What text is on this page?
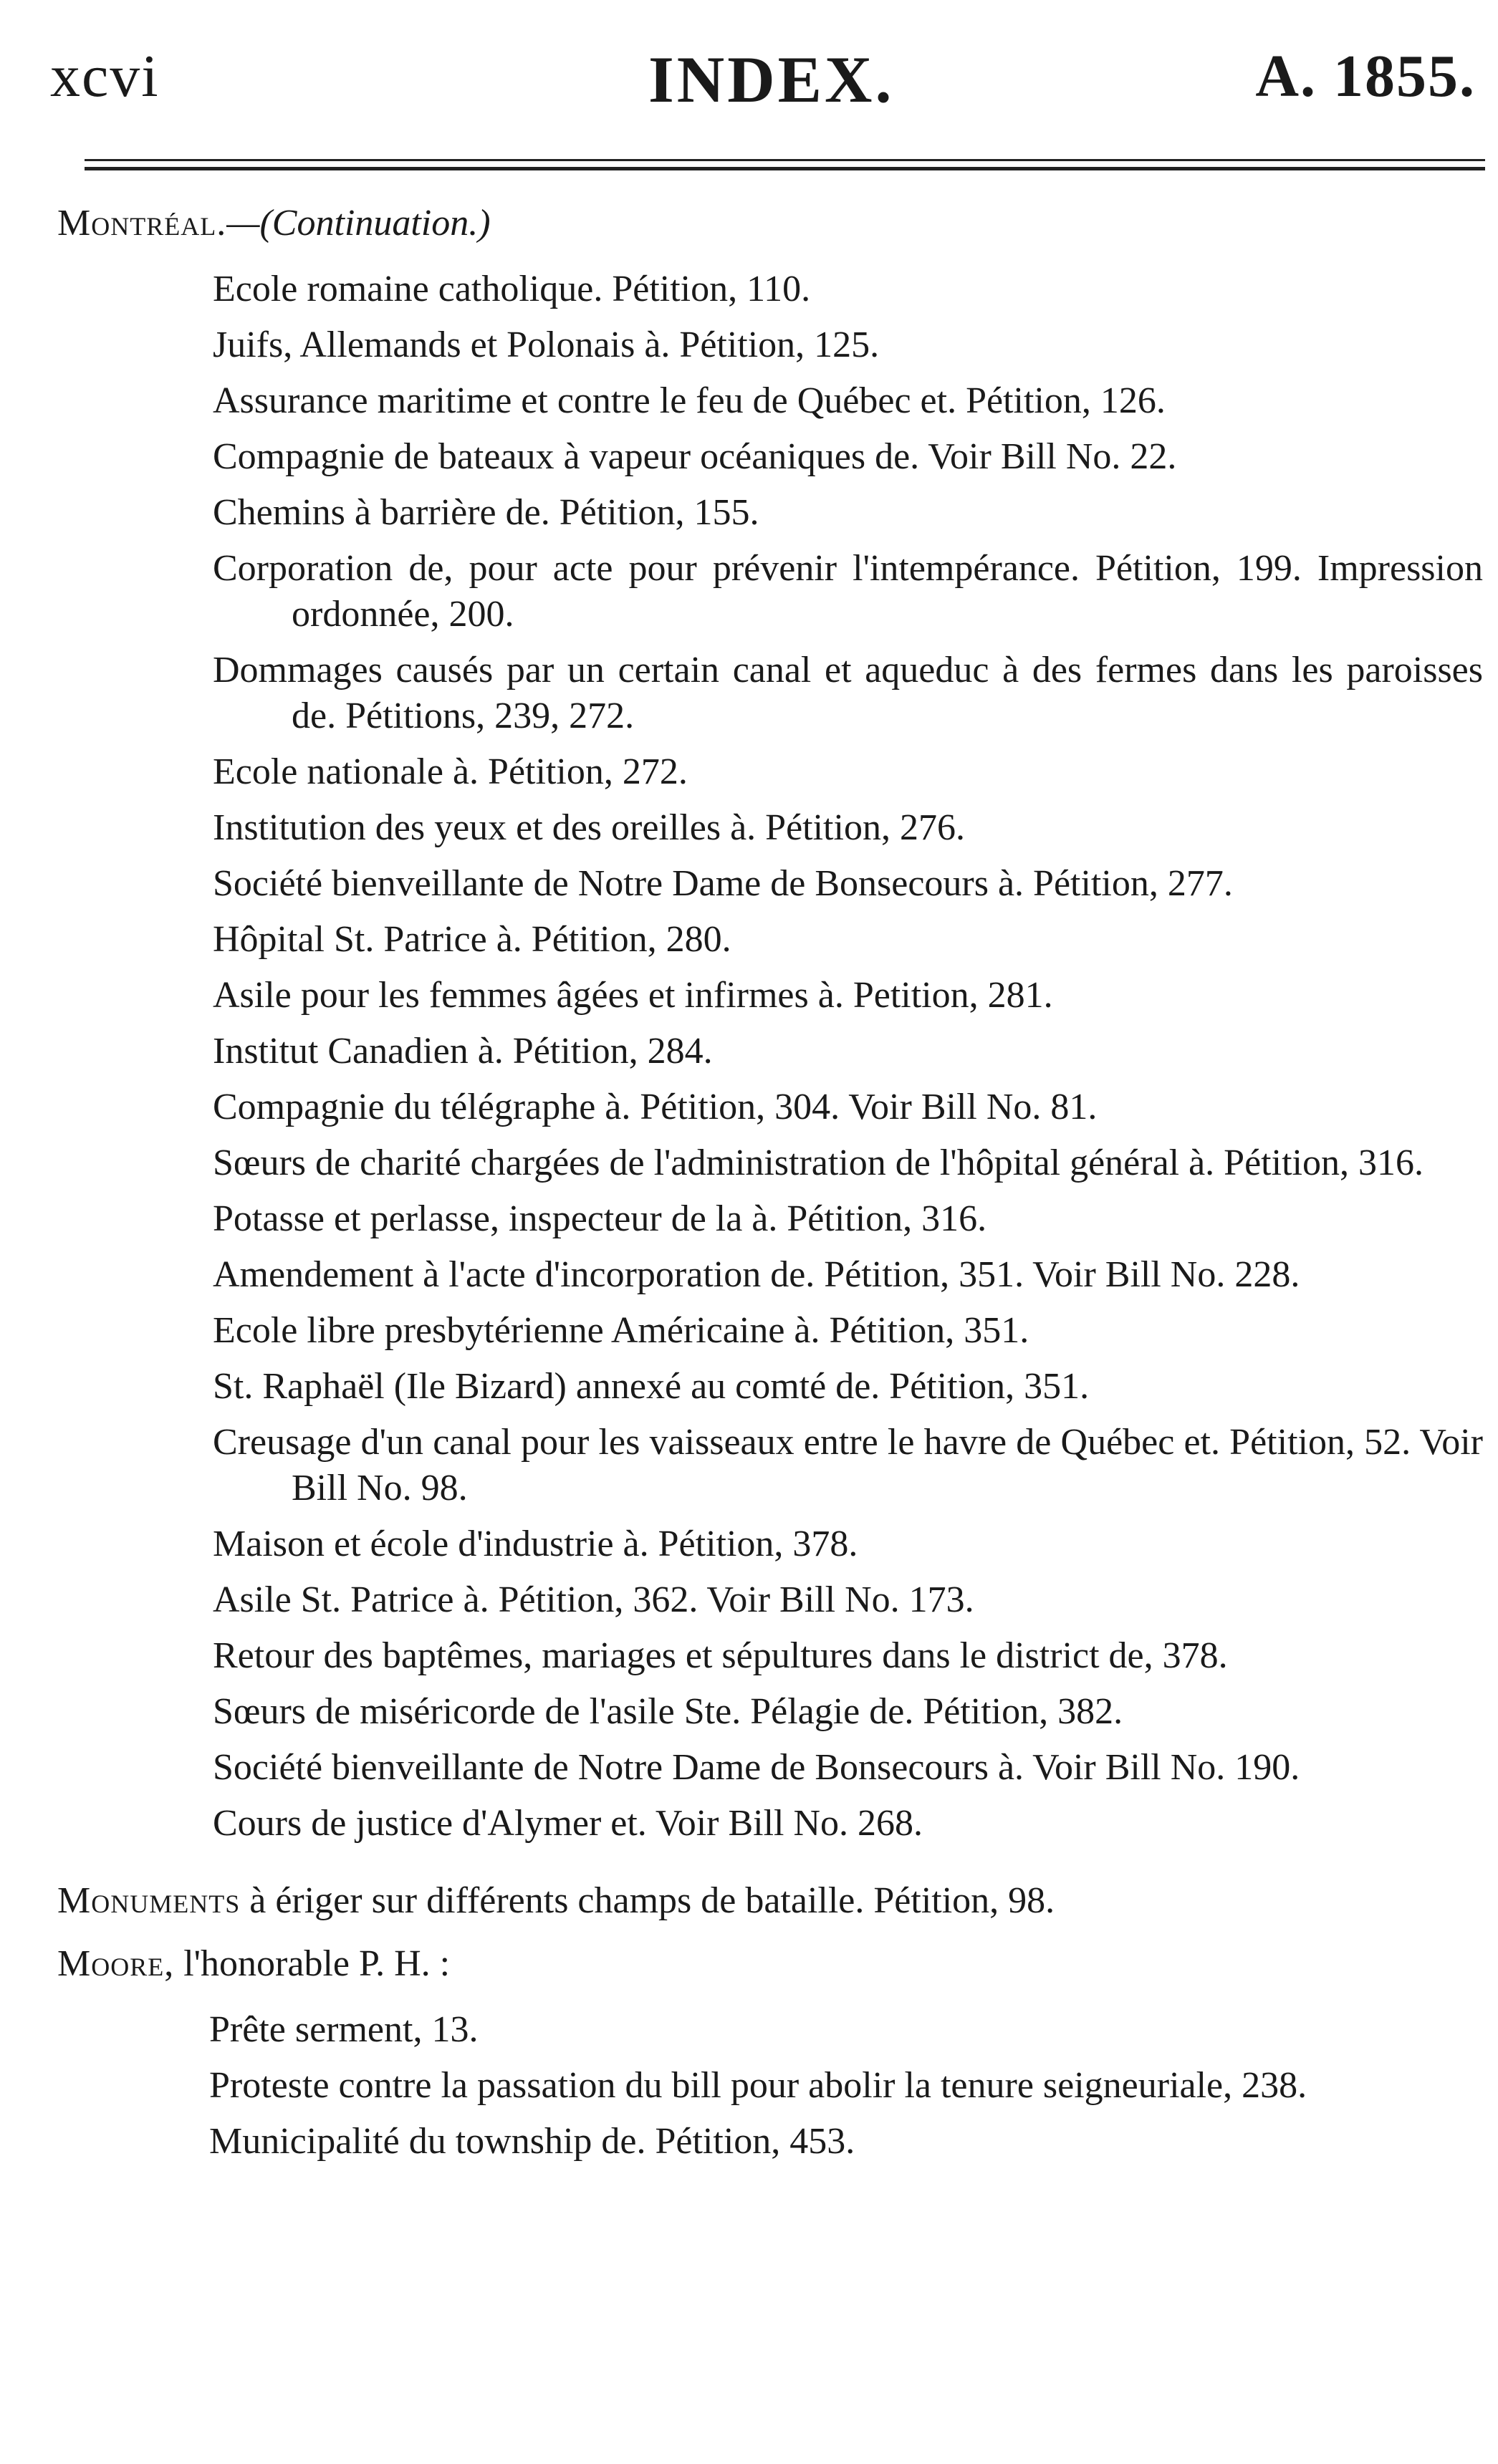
xcvi	INDEX.	A. 1855.

Montréal.—(Continuation.)

Ecole romaine catholique. Pétition, 110.

Juifs, Allemands et Polonais à. Pétition, 125.

Assurance maritime et contre le feu de Québec et. Pétition, 126.

Compagnie de bateaux à vapeur océaniques de. Voir Bill No. 22.

Chemins à barrière de. Pétition, 155.

Corporation de, pour acte pour prévenir l'intempérance. Pétition, 199. Impression ordonnée, 200.

Dommages causés par un certain canal et aqueduc à des fermes dans les paroisses de. Pétitions, 239, 272.

Ecole nationale à. Pétition, 272.

Institution des yeux et des oreilles à. Pétition, 276.

Société bienveillante de Notre Dame de Bonsecours à. Pétition, 277.

Hôpital St. Patrice à. Pétition, 280.

Asile pour les femmes âgées et infirmes à. Petition, 281.

Institut Canadien à. Pétition, 284.

Compagnie du télégraphe à. Pétition, 304. Voir Bill No. 81.

Sœurs de charité chargées de l'administration de l'hôpital général à. Pétition, 316.

Potasse et perlasse, inspecteur de la à. Pétition, 316.

Amendement à l'acte d'incorporation de. Pétition, 351. Voir Bill No. 228.

Ecole libre presbytérienne Américaine à. Pétition, 351.

St. Raphaël (Ile Bizard) annexé au comté de. Pétition, 351.

Creusage d'un canal pour les vaisseaux entre le havre de Québec et. Pétition, 52. Voir Bill No. 98.

Maison et école d'industrie à. Pétition, 378.

Asile St. Patrice à. Pétition, 362. Voir Bill No. 173.

Retour des baptêmes, mariages et sépultures dans le district de, 378.

Sœurs de miséricorde de l'asile Ste. Pélagie de. Pétition, 382.

Société bienveillante de Notre Dame de Bonsecours à. Voir Bill No. 190.

Cours de justice d'Alymer et. Voir Bill No. 268.

Monuments à ériger sur différents champs de bataille. Pétition, 98.

Moore, l'honorable P. H. :

Prête serment, 13.

Proteste contre la passation du bill pour abolir la tenure seigneuriale, 238.

Municipalité du township de. Pétition, 453.
